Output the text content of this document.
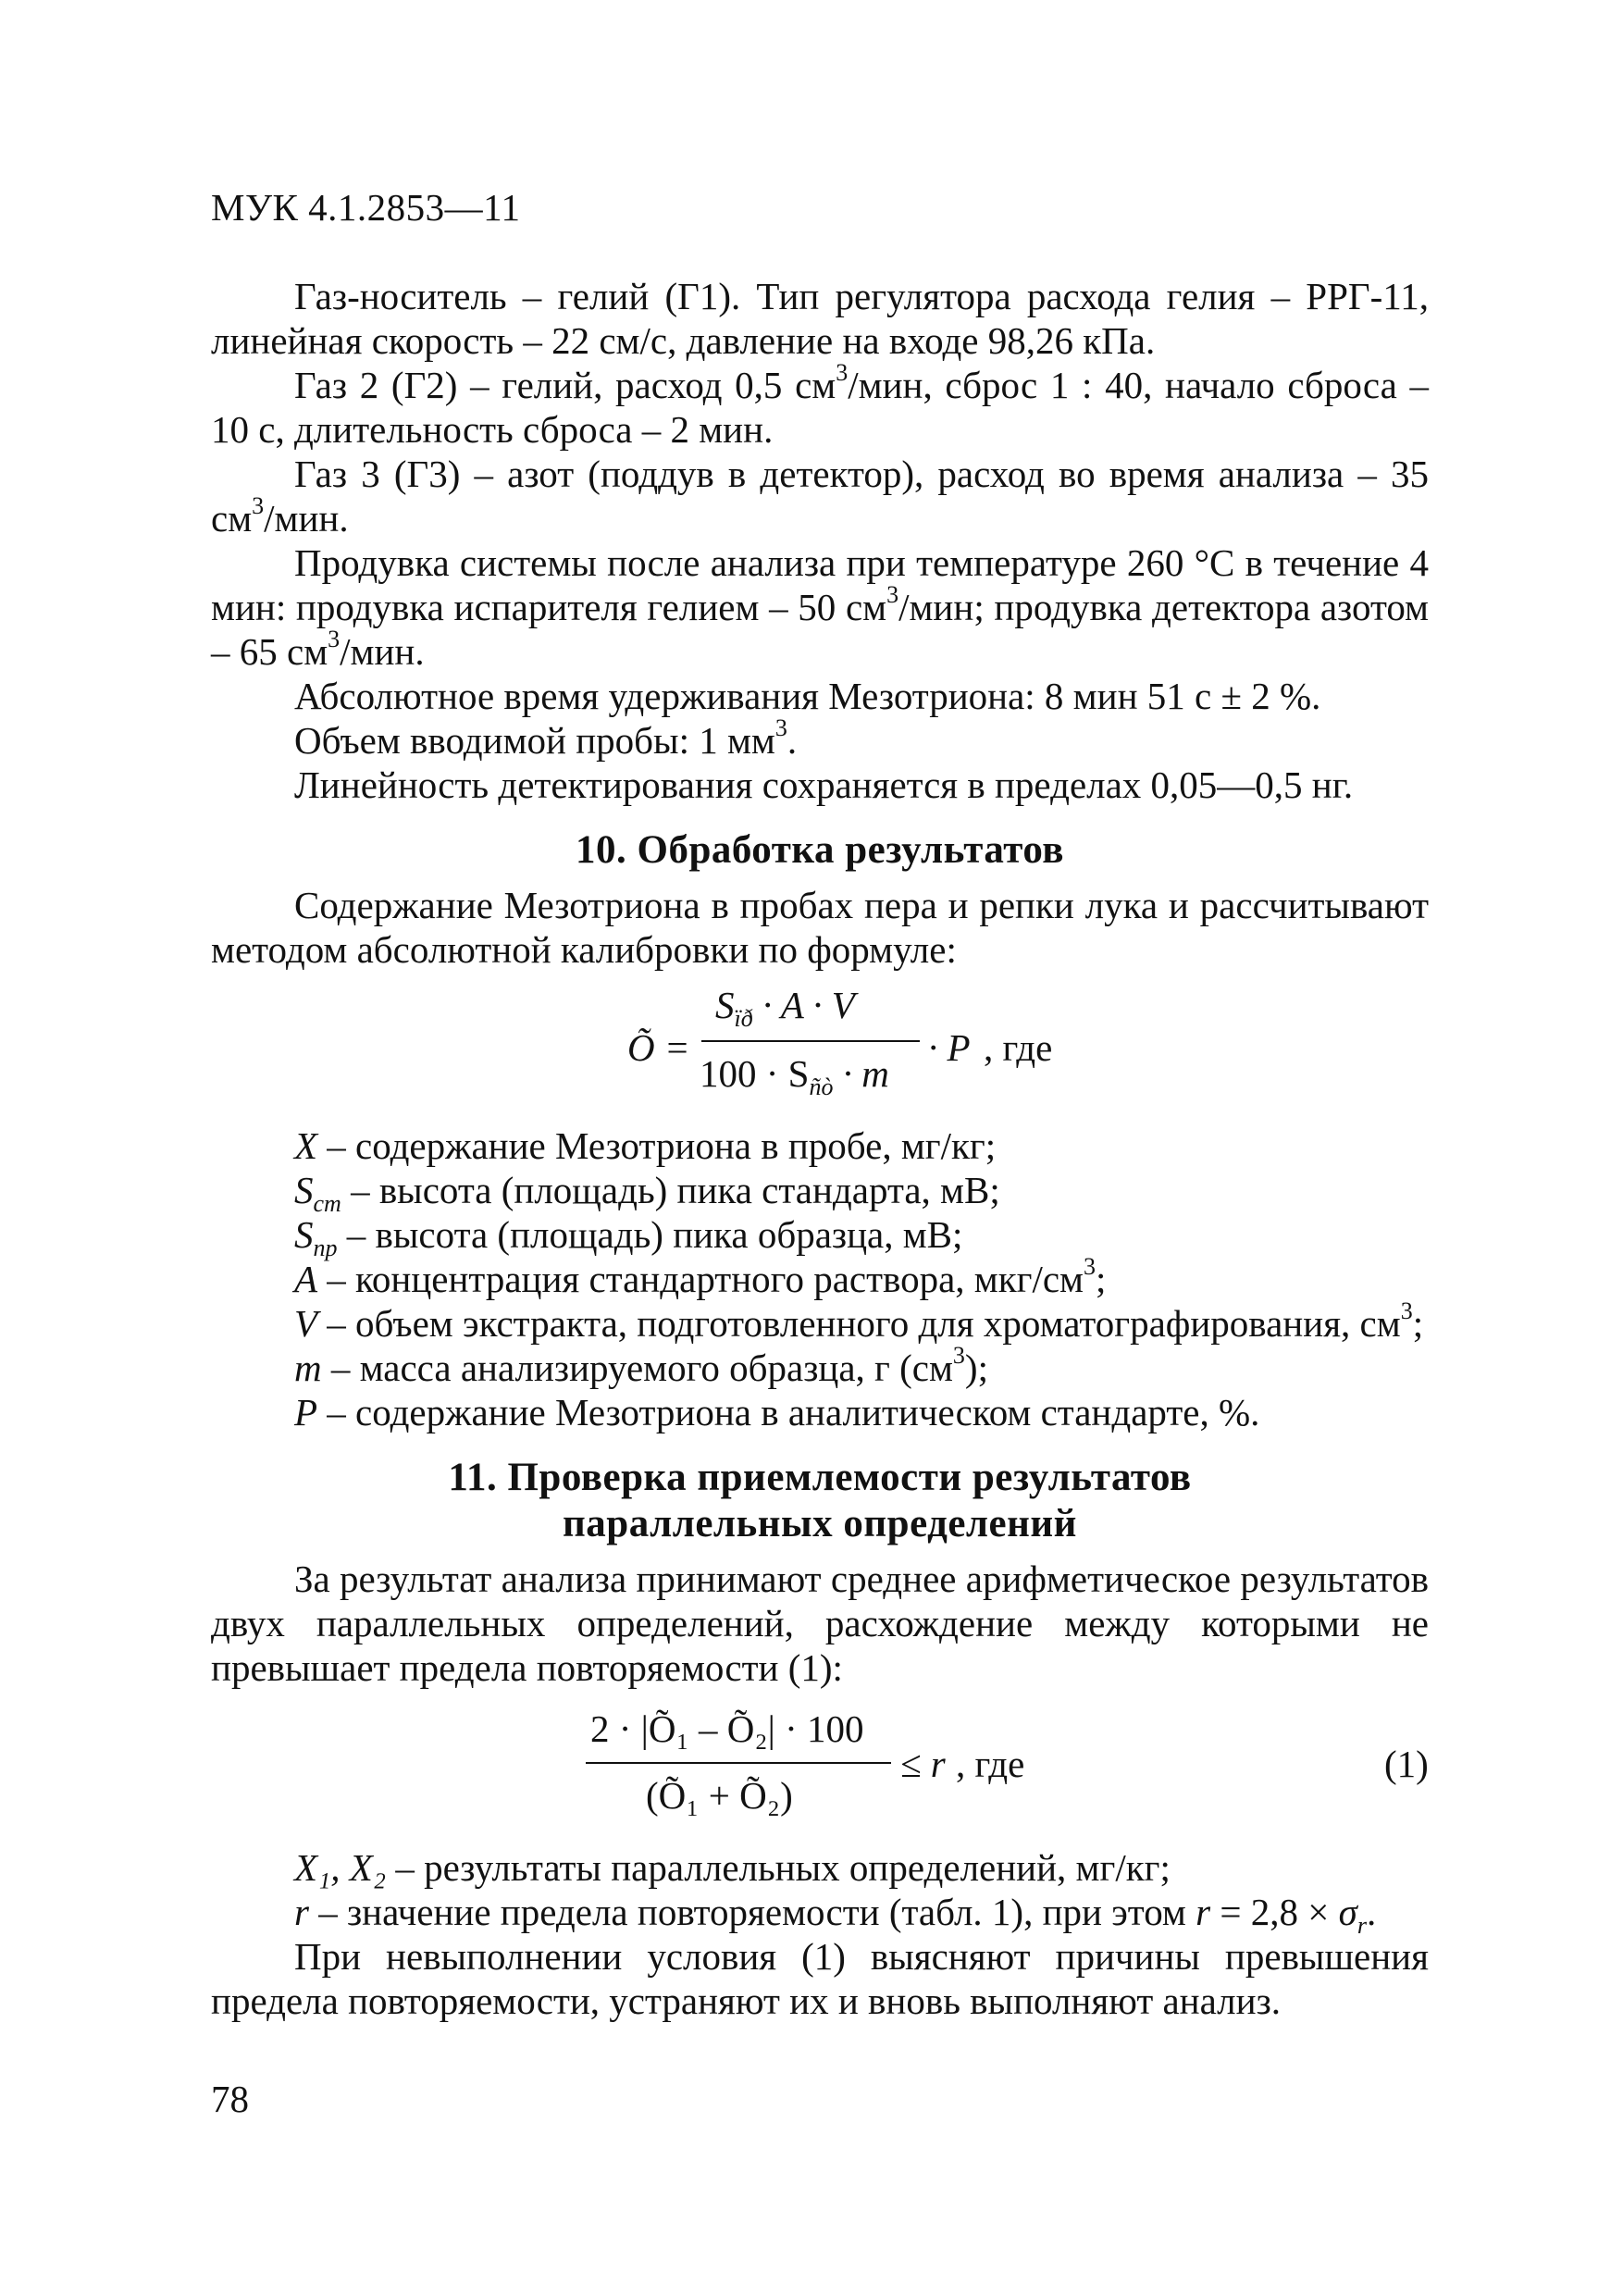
МУК 4.1.2853—11

Газ-носитель – гелий (Г1). Тип регулятора расхода гелия – РРГ-11, линейная скорость – 22 см/с, давление на входе 98,26 кПа.

Газ 2 (Г2) – гелий, расход 0,5 $см^3$/мин, сброс 1 : 40, начало сброса – 10 с, длительность сброса – 2 мин.

Газ 3 (Г3) – азот (поддув в детектор), расход во время анализа – 35 $см^3$/мин.

Продувка системы после анализа при температуре 260 °С в течение 4 мин: продувка испарителя гелием – 50 $см^3$/мин; продувка детектора азотом – 65 $см^3$/мин.

Абсолютное время удерживания Мезотриона: 8 мин 51 с ± 2 %.

Объем вводимой пробы: 1 $мм^3$.

Линейность детектирования сохраняется в пределах 0,05—0,5 нг.

10. Обработка результатов

Содержание Мезотриона в пробах пера и репки лука и рассчитывают методом абсолютной калибровки по формуле:

Õ =
$S_{ïð} \cdot A \cdot V$
$100 \cdot S_{ñò} \cdot m$
· P , где

X – содержание Мезотриона в пробе, мг/кг;

$S_{ст}$ – высота (площадь) пика стандарта, мВ;

$S_{пр}$ – высота (площадь) пика образца, мВ;

A – концентрация стандартного раствора, мкг/$см^3$;

V – объем экстракта, подготовленного для хроматографирования, $см^3$;

m – масса анализируемого образца, г $(см^3)$;

P – содержание Мезотриона в аналитическом стандарте, %.

11. Проверка приемлемости результатов
параллельных определений

За результат анализа принимают среднее арифметическое результатов двух параллельных определений, расхождение между которыми не превышает предела повторяемости (1):

2 · |Õ₁ – Õ₂| · 100
(Õ₁ + Õ₂)
≤ r , где	(1)

X₁, X₂ – результаты параллельных определений, мг/кг;

r – значение предела повторяемости (табл. 1), при этом $r = 2,8 \times \sigma_r$.

При невыполнении условия (1) выясняют причины превышения предела повторяемости, устраняют их и вновь выполняют анализ.

78
